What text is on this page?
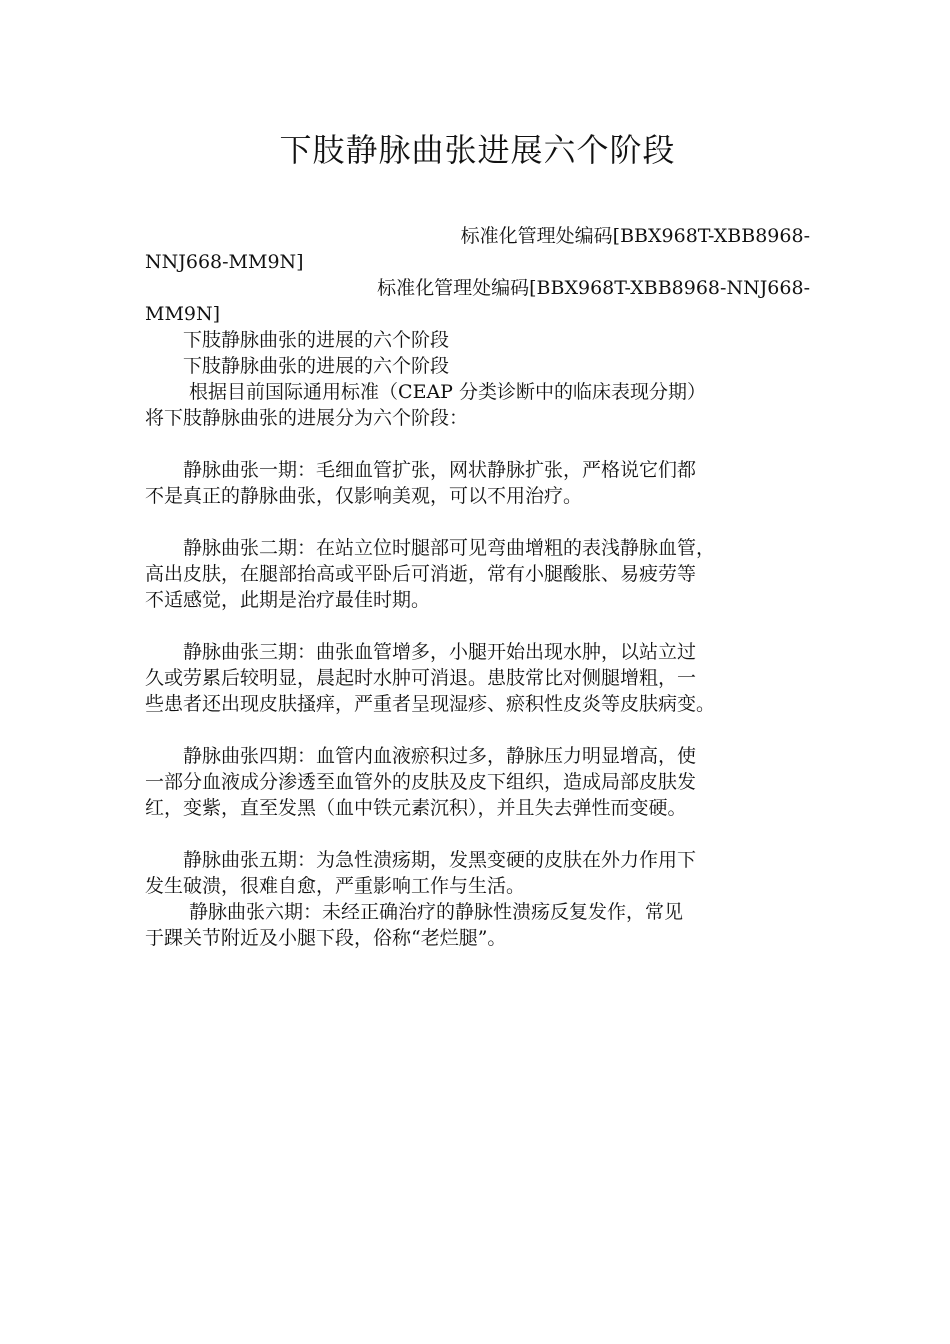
下肢静脉曲张进展六个阶段
标准化管理处编码[BBX968T-XBB8968-
NNJ668-MM9N]
标准化管理处编码[BBX968T-XBB8968-NNJ668-
MM9N]
　　下肢静脉曲张的进展的六个阶段
　　下肢静脉曲张的进展的六个阶段
　　 根据目前国际通用标准（CEAP 分类诊断中的临床表现分期）
将下肢静脉曲张的进展分为六个阶段：
　　静脉曲张一期：毛细血管扩张，网状静脉扩张，严格说它们都
不是真正的静脉曲张，仅影响美观，可以不用治疗。
　　静脉曲张二期：在站立位时腿部可见弯曲增粗的表浅静脉血管，
高出皮肤，在腿部抬高或平卧后可消逝，常有小腿酸胀、易疲劳等
不适感觉，此期是治疗最佳时期。
　　静脉曲张三期：曲张血管增多，小腿开始出现水肿，以站立过
久或劳累后较明显，晨起时水肿可消退。患肢常比对侧腿增粗，一
些患者还出现皮肤搔痒，严重者呈现湿疹、瘀积性皮炎等皮肤病变。
　　静脉曲张四期：血管内血液瘀积过多，静脉压力明显增高，使
一部分血液成分渗透至血管外的皮肤及皮下组织，造成局部皮肤发
红，变紫，直至发黑（血中铁元素沉积），并且失去弹性而变硬。
　　静脉曲张五期：为急性溃疡期，发黑变硬的皮肤在外力作用下
发生破溃，很难自愈，严重影响工作与生活。
　　 静脉曲张六期：未经正确治疗的静脉性溃疡反复发作，常见
于踝关节附近及小腿下段，俗称“老烂腿”。
